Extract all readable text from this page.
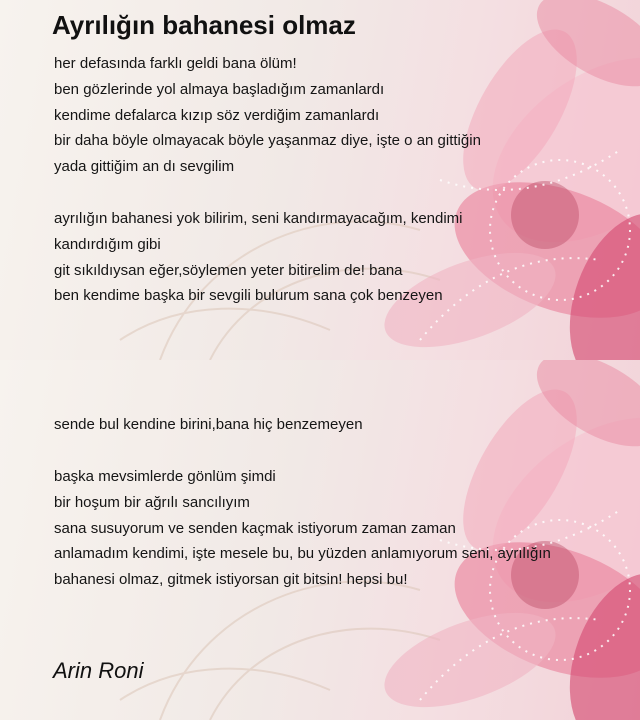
Ayrılığın bahanesi olmaz
her defasında farklı geldi bana ölüm!
ben gözlerinde yol almaya başladığım zamanlardı
kendime defalarca kızıp söz verdiğim zamanlardı
bir daha böyle olmayacak böyle yaşanmaz diye, işte o an gittiğin
yada gittiğim an dı sevgilim
ayrılığın bahanesi yok bilirim, seni kandırmayacağım, kendimi
kandırdığım gibi
git sıkıldıysan eğer,söylemen yeter bitirelim de! bana
ben kendime başka bir sevgili bulurum sana çok benzeyen
sende bul kendine birini,bana hiç benzemeyen
başka mevsimlerde gönlüm şimdi
bir hoşum bir ağrılı sancılıyım
sana susuyorum ve senden kaçmak istiyorum zaman zaman
anlamadım kendimi, işte mesele bu, bu yüzden anlamıyorum seni, ayrılığın
bahanesi olmaz, gitmek istiyorsan git bitsin! hepsi bu!
Arin Roni
